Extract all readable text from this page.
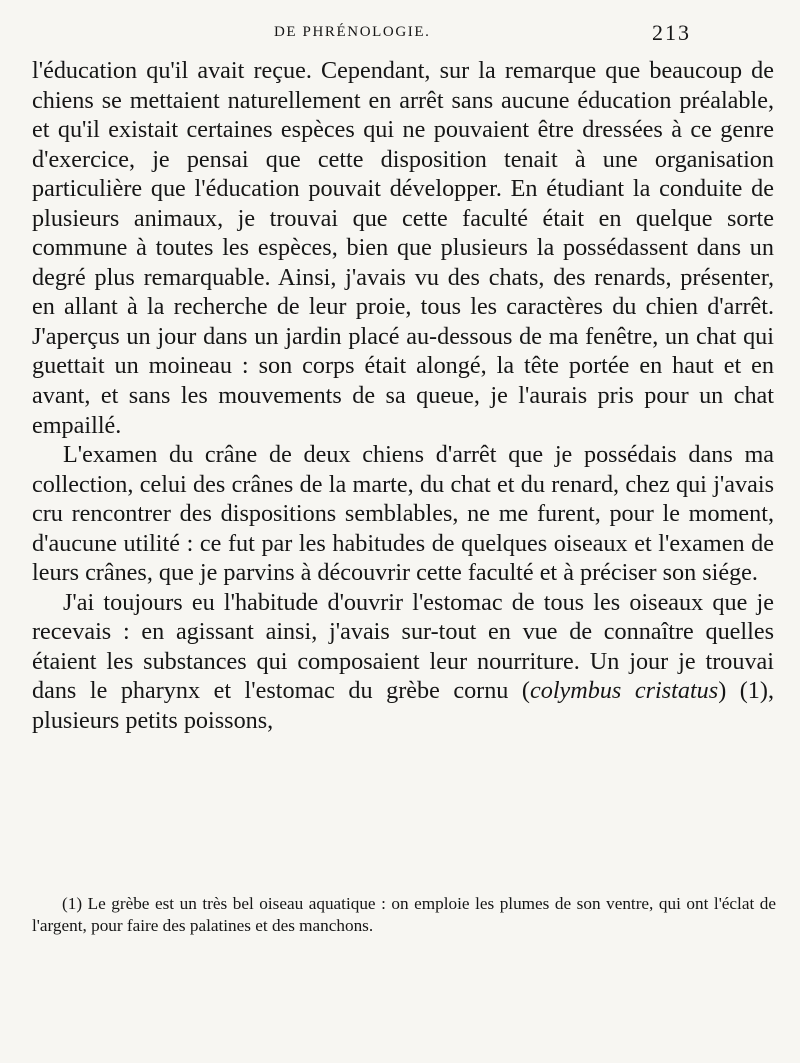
DE PHRÉNOLOGIE.	213

l'éducation qu'il avait reçue. Cependant, sur la remarque que beaucoup de chiens se mettaient naturellement en arrêt sans aucune éducation préalable, et qu'il existait certaines espèces qui ne pouvaient être dressées à ce genre d'exercice, je pensai que cette disposition tenait à une organisation particulière que l'éducation pouvait développer. En étudiant la conduite de plusieurs animaux, je trouvai que cette faculté était en quelque sorte commune à toutes les espèces, bien que plusieurs la possédassent dans un degré plus remarquable. Ainsi, j'avais vu des chats, des renards, présenter, en allant à la recherche de leur proie, tous les caractères du chien d'arrêt. J'aperçus un jour dans un jardin placé au-dessous de ma fenêtre, un chat qui guettait un moineau : son corps était alongé, la tête portée en haut et en avant, et sans les mouvements de sa queue, je l'aurais pris pour un chat empaillé.

L'examen du crâne de deux chiens d'arrêt que je possédais dans ma collection, celui des crânes de la marte, du chat et du renard, chez qui j'avais cru rencontrer des dispositions semblables, ne me furent, pour le moment, d'aucune utilité : ce fut par les habitudes de quelques oiseaux et l'examen de leurs crânes, que je parvins à découvrir cette faculté et à préciser son siége.

J'ai toujours eu l'habitude d'ouvrir l'estomac de tous les oiseaux que je recevais : en agissant ainsi, j'avais sur-tout en vue de connaître quelles étaient les substances qui composaient leur nourriture. Un jour je trouvai dans le pharynx et l'estomac du grèbe cornu (colymbus cristatus) (1), plusieurs petits poissons,

(1) Le grèbe est un très bel oiseau aquatique : on emploie les plumes de son ventre, qui ont l'éclat de l'argent, pour faire des palatines et des manchons.
